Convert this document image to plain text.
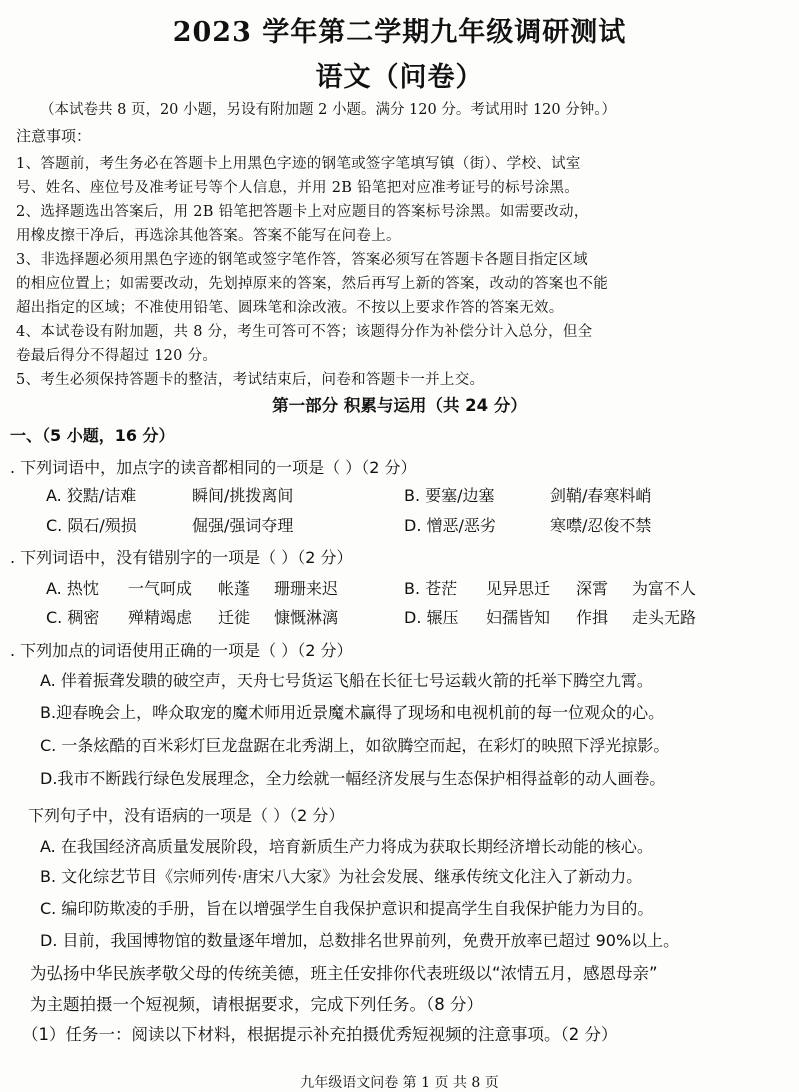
2023 学年第二学期九年级调研测试
语文（问卷）
（本试卷共 8 页，20 小题，另设有附加题 2 小题。满分 120 分。考试用时 120 分钟。）
注意事项：
1、答题前，考生务必在答题卡上用黑色字迹的钢笔或签字笔填写镇（街）、学校、试室
号、姓名、座位号及准考证号等个人信息，并用 2B 铅笔把对应准考证号的标号涂黑。
2、选择题选出答案后，用 2B 铅笔把答题卡上对应题目的答案标号涂黑。如需要改动，
用橡皮擦干净后，再选涂其他答案。答案不能写在问卷上。
3、非选择题必须用黑色字迹的钢笔或签字笔作答，答案必须写在答题卡各题目指定区域
的相应位置上；如需要改动，先划掉原来的答案，然后再写上新的答案，改动的答案也不能
超出指定的区域；不准使用铅笔、圆珠笔和涂改液。不按以上要求作答的答案无效。
4、本试卷设有附加题，共 8 分，考生可答可不答；该题得分作为补偿分计入总分，但全
卷最后得分不得超过 120 分。
5、考生必须保持答题卡的整洁，考试结束后，问卷和答题卡一并上交。
第一部分 积累与运用（共 24 分）
一、（5 小题，16 分）
. 下列词语中，加点字的读音都相同的一项是（ ）（2 分）
A. 狡黠/诘难	瞬间/挑拨离间	B. 要塞/边塞	剑鞘/春寒料峭
C. 陨石/殒损	倔强/强词夺理	D. 憎恶/恶劣	寒噤/忍俊不禁
. 下列词语中，没有错别字的一项是（ ）（2 分）
A. 热忱 一气呵成 帐蓬 珊珊来迟	B. 苍茫 见异思迁 深霄 为富不人
C. 稠密 殚精竭虑 迁徙 慷慨淋漓	D. 辗压 妇孺皆知 作揖 走头无路
. 下列加点的词语使用正确的一项是（ ）（2 分）
A. 伴着振聋发聩的破空声，天舟七号货运飞船在长征七号运载火箭的托举下腾空九霄。
B.迎春晚会上，哗众取宠的魔术师用近景魔术赢得了现场和电视机前的每一位观众的心。
C. 一条炫酷的百米彩灯巨龙盘踞在北秀湖上，如欲腾空而起，在彩灯的映照下浮光掠影。
D.我市不断践行绿色发展理念，全力绘就一幅经济发展与生态保护相得益彰的动人画卷。
下列句子中，没有语病的一项是（ ）（2 分）
A. 在我国经济高质量发展阶段，培育新质生产力将成为获取长期经济增长动能的核心。
B. 文化综艺节目《宗师列传·唐宋八大家》为社会发展、继承传统文化注入了新动力。
C. 编印防欺凌的手册，旨在以增强学生自我保护意识和提高学生自我保护能力为目的。
D. 目前，我国博物馆的数量逐年增加，总数排名世界前列，免费开放率已超过 90%以上。
为弘扬中华民族孝敬父母的传统美德，班主任安排你代表班级以“浓情五月，感恩母亲”
为主题拍摄一个短视频，请根据要求，完成下列任务。（8 分）
（1）任务一：阅读以下材料，根据提示补充拍摄优秀短视频的注意事项。（2 分）
九年级语文问卷 第 1 页 共 8 页
